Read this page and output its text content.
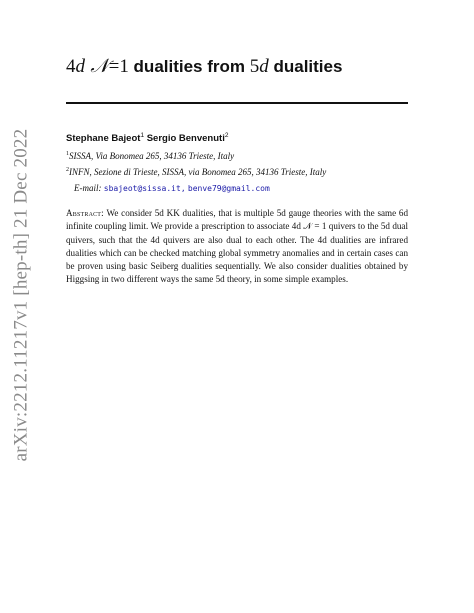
arXiv:2212.11217v1 [hep-th] 21 Dec 2022
4d 𝒩=1 dualities from 5d dualities
Stephane Bajeot$^1$ Sergio Benvenuti$^2$
$^1$SISSA, Via Bonomea 265, 34136 Trieste, Italy
$^2$INFN, Sezione di Trieste, SISSA, via Bonomea 265, 34136 Trieste, Italy
E-mail: sbajeot@sissa.it, benve79@gmail.com
Abstract: We consider 5d KK dualities, that is multiple 5d gauge theories with the same 6d infinite coupling limit. We provide a prescription to associate 4d 𝒩 = 1 quivers to the 5d dual quivers, such that the 4d quivers are also dual to each other. The 4d dualities are infrared dualities which can be checked matching global symmetry anomalies and in certain cases can be proven using basic Seiberg dualities sequentially. We also consider dualities obtained by Higgsing in two different ways the same 5d theory, in some simple examples.
